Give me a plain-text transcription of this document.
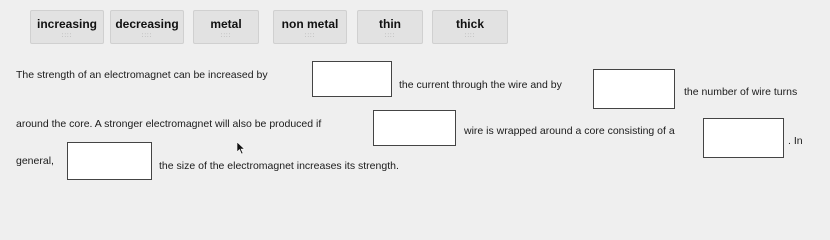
increasing
::::
decreasing
::::
metal
::::
non metal
::::
thin
::::
thick
::::
The strength of an electromagnet can be increased by
the current through the wire and by
the number of wire turns
around the core. A stronger electromagnet will also be produced if
wire is wrapped around a core consisting of a
. In
general,	the size of the electromagnet increases its strength.
